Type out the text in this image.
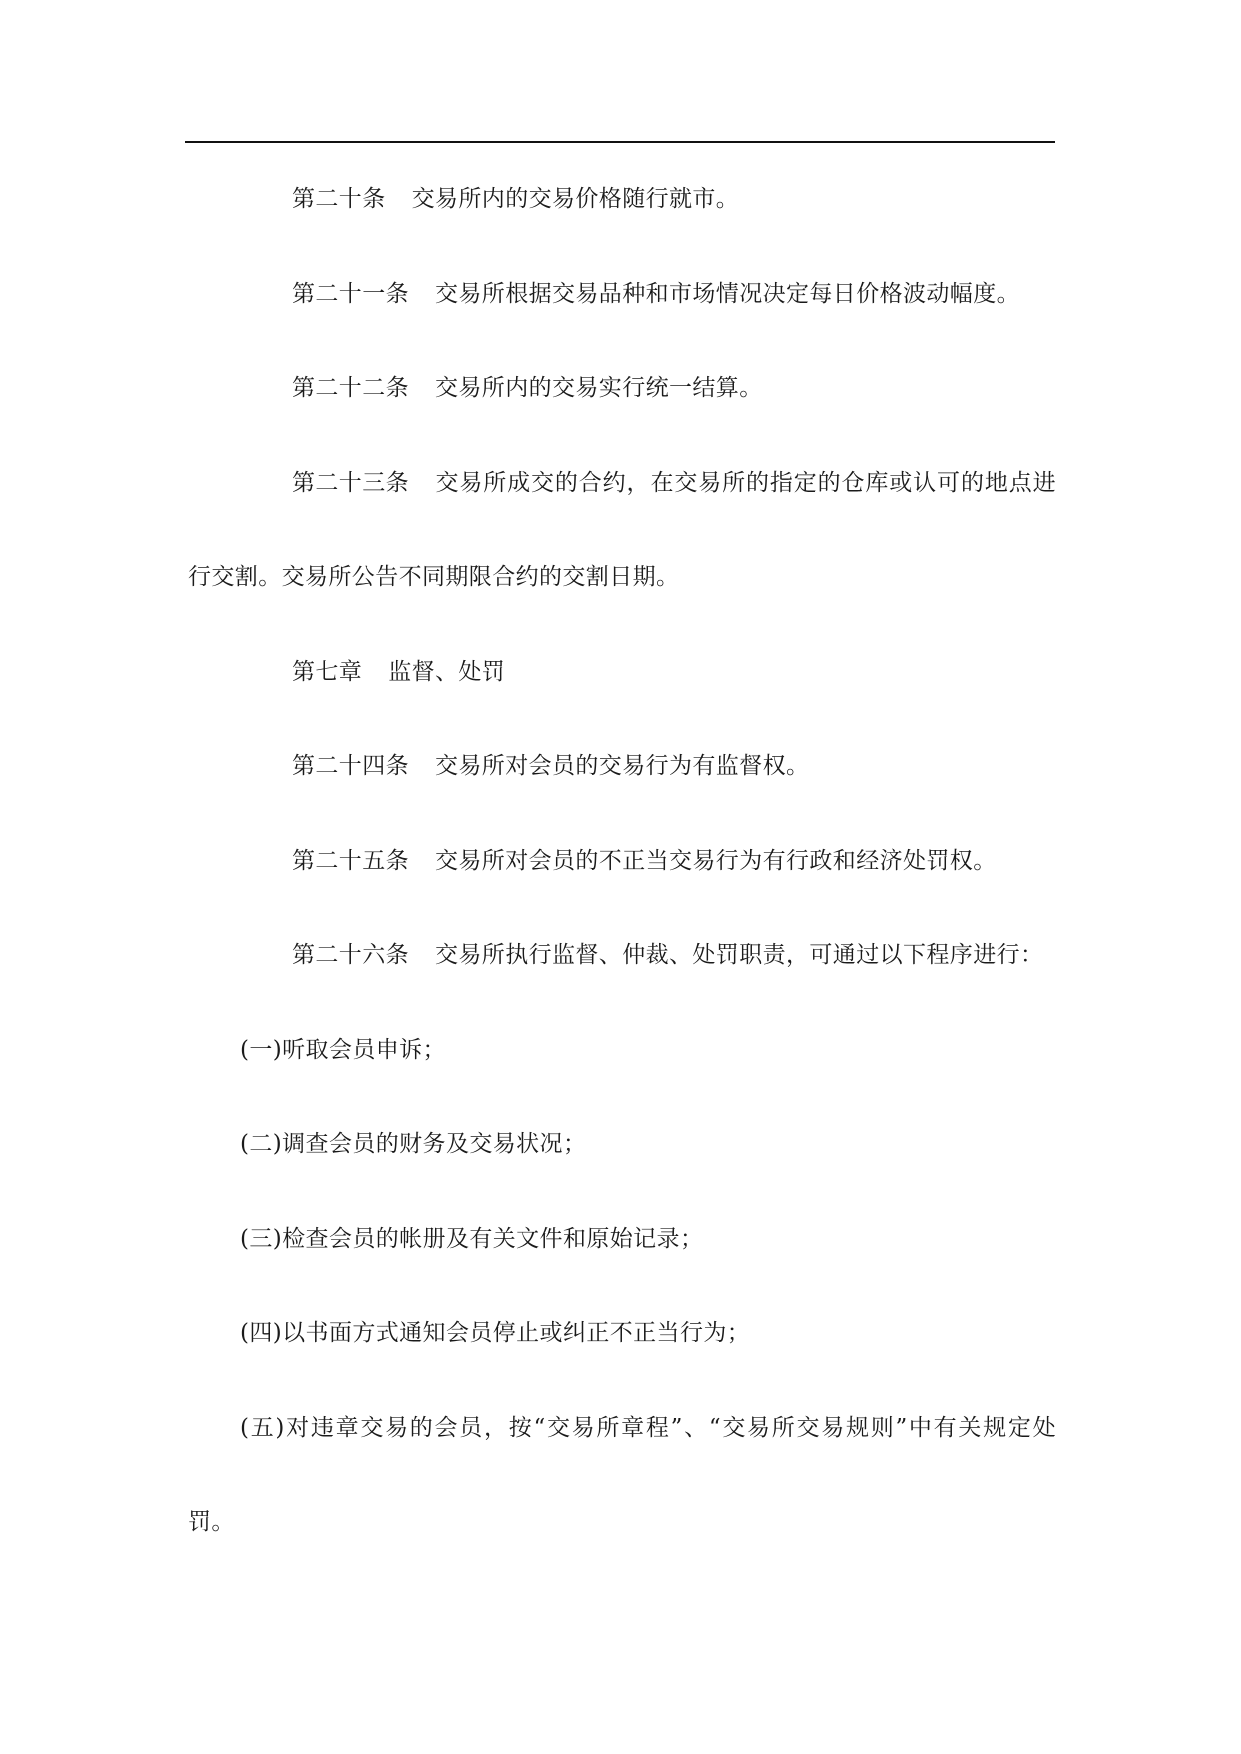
第二十条 交易所内的交易价格随行就市。

第二十一条 交易所根据交易品种和市场情况决定每日价格波动幅度。

第二十二条 交易所内的交易实行统一结算。

第二十三条 交易所成交的合约，在交易所的指定的仓库或认可的地点进行交割。交易所公告不同期限合约的交割日期。

第七章 监督、处罚

第二十四条 交易所对会员的交易行为有监督权。

第二十五条 交易所对会员的不正当交易行为有行政和经济处罚权。

第二十六条 交易所执行监督、仲裁、处罚职责，可通过以下程序进行：

(一)听取会员申诉；

(二)调查会员的财务及交易状况；

(三)检查会员的帐册及有关文件和原始记录；

(四)以书面方式通知会员停止或纠正不正当行为；

(五)对违章交易的会员，按“交易所章程”、“交易所交易规则”中有关规定处罚。
